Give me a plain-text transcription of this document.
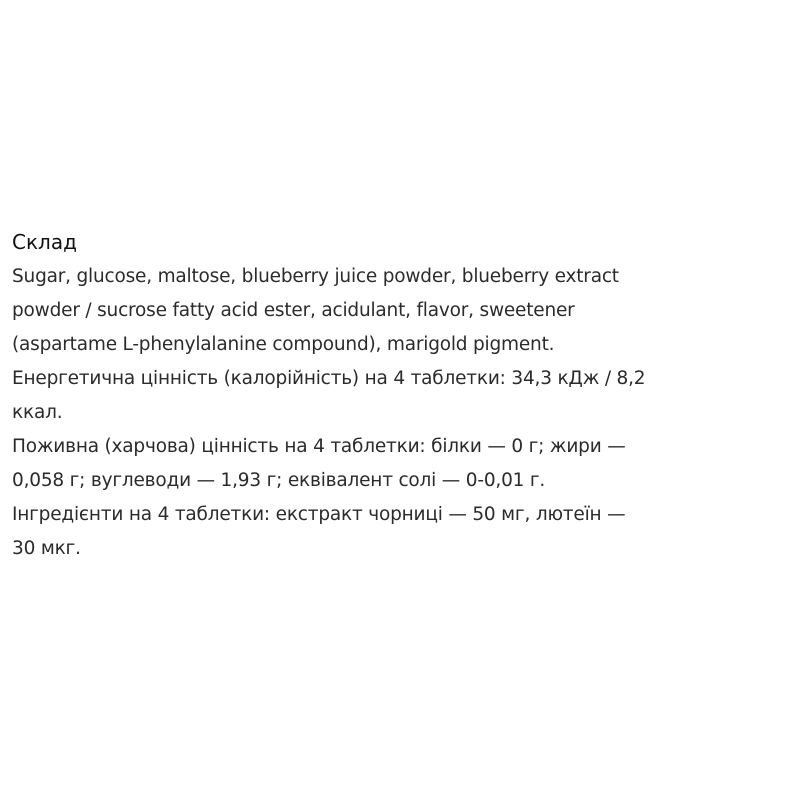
Склад
Sugar, glucose, maltose, blueberry juice powder, blueberry extract
powder / sucrose fatty acid ester, acidulant, flavor, sweetener
(aspartame L-phenylalanine compound), marigold pigment.
Енергетична цінність (калорійність) на 4 таблетки: 34,3 кДж / 8,2
ккал.
Поживна (харчова) цінність на 4 таблетки: білки — 0 г; жири —
0,058 г; вуглеводи — 1,93 г; еквівалент солі — 0-0,01 г.
Інгредієнти на 4 таблетки: екстракт чорниці — 50 мг, лютеїн —
30 мкг.
